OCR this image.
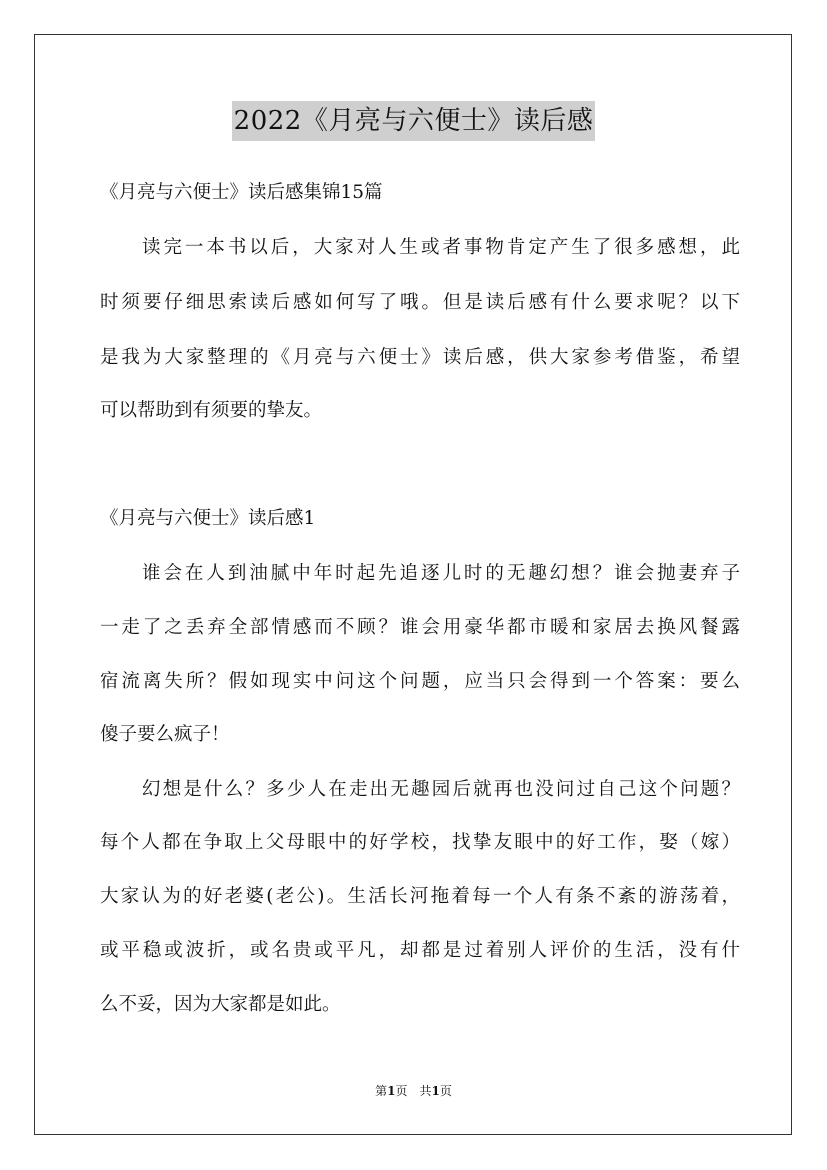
2022《月亮与六便士》读后感
《月亮与六便士》读后感集锦15篇
读完一本书以后，大家对人生或者事物肯定产生了很多感想，此
时须要仔细思索读后感如何写了哦。但是读后感有什么要求呢？以下
是我为大家整理的《月亮与六便士》读后感，供大家参考借鉴，希望
可以帮助到有须要的挚友。
《月亮与六便士》读后感1
谁会在人到油腻中年时起先追逐儿时的无趣幻想？谁会抛妻弃子
一走了之丢弃全部情感而不顾？谁会用豪华都市暖和家居去换风餐露
宿流离失所？假如现实中问这个问题，应当只会得到一个答案：要么
傻子要么疯子！
幻想是什么？多少人在走出无趣园后就再也没问过自己这个问题？
每个人都在争取上父母眼中的好学校，找挚友眼中的好工作，娶（嫁）
大家认为的好老婆(老公)。生活长河拖着每一个人有条不紊的游荡着，
或平稳或波折，或名贵或平凡，却都是过着别人评价的生活，没有什
么不妥，因为大家都是如此。
第1页　共1页
